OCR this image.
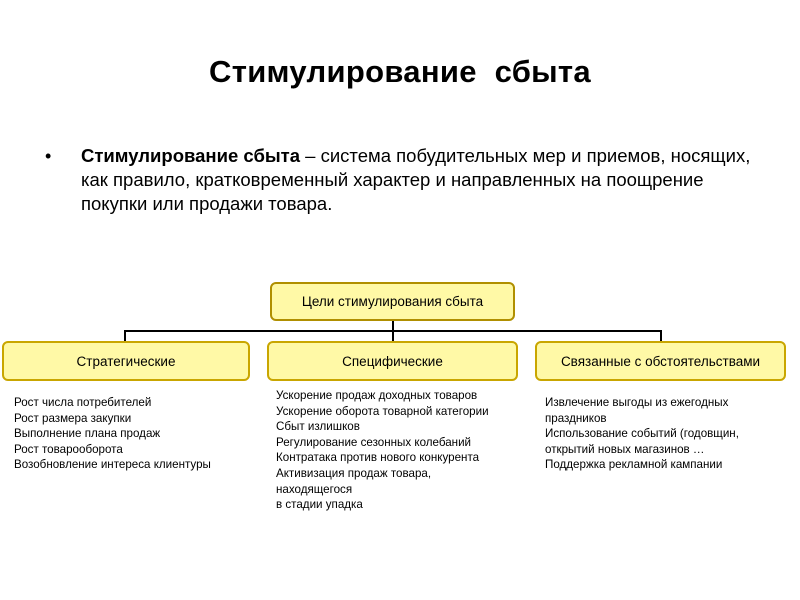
Стимулирование  сбыта
• Стимулирование сбыта – система побудительных мер и приемов, носящих, как правило, кратковременный характер и направленных на поощрение покупки или продажи товара.
Цели стимулирования сбыта
Стратегические	Специфические	Связанные с обстоятельствами
Рост числа потребителей
Рост размера закупки
Выполнение плана продаж
Рост товарооборота
Возобновление интереса клиентуры
Ускорение продаж доходных товаров
Ускорение оборота товарной категории
Сбыт излишков
Регулирование сезонных колебаний
Контратака против нового конкурента
Активизация продаж товара,
находящегося
в стадии упадка
Извлечение выгоды из ежегодных
праздников
Использование событий (годовщин,
открытий новых магазинов …
Поддержка рекламной кампании
